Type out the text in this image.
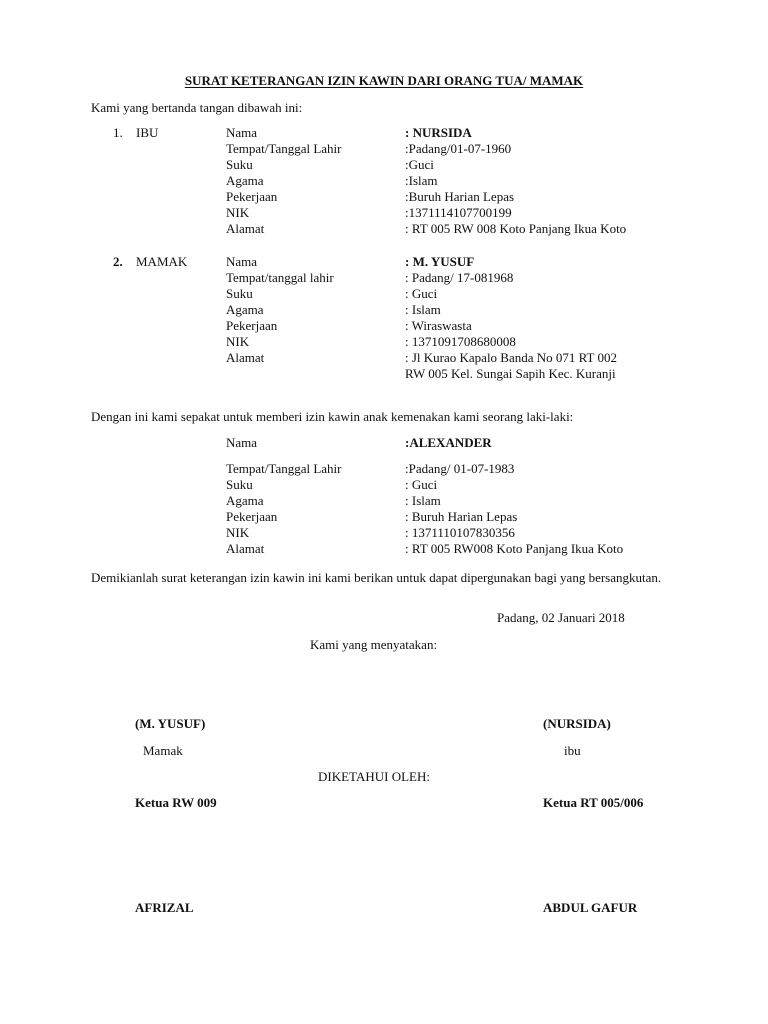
SURAT KETERANGAN IZIN KAWIN DARI ORANG TUA/ MAMAK
Kami yang bertanda tangan dibawah ini:
1. IBU	Nama	: NURSIDA
Tempat/Tanggal Lahir	:Padang/01-07-1960
Suku	:Guci
Agama	:Islam
Pekerjaan	:Buruh Harian Lepas
NIK	:1371114107700199
Alamat	: RT 005 RW 008 Koto Panjang Ikua Koto
2. MAMAK	Nama	: M. YUSUF
Tempat/tanggal lahir	: Padang/ 17-081968
Suku	: Guci
Agama	: Islam
Pekerjaan	: Wiraswasta
NIK	: 1371091708680008
Alamat	: Jl Kurao Kapalo Banda No 071 RT 002
RW 005 Kel. Sungai Sapih Kec. Kuranji
Dengan ini kami sepakat untuk memberi izin kawin anak kemenakan kami seorang laki-laki:
Nama	:ALEXANDER
Tempat/Tanggal Lahir	:Padang/ 01-07-1983
Suku	: Guci
Agama	: Islam
Pekerjaan	: Buruh Harian Lepas
NIK	: 1371110107830356
Alamat	: RT 005 RW008 Koto Panjang Ikua Koto
Demikianlah surat keterangan izin kawin ini kami berikan untuk dapat dipergunakan bagi yang bersangkutan.
Padang, 02 Januari 2018
Kami yang menyatakan:
(M. YUSUF)	(NURSIDA)
Mamak	ibu
DIKETAHUI OLEH:
Ketua RW 009	Ketua RT 005/006
AFRIZAL	ABDUL GAFUR
